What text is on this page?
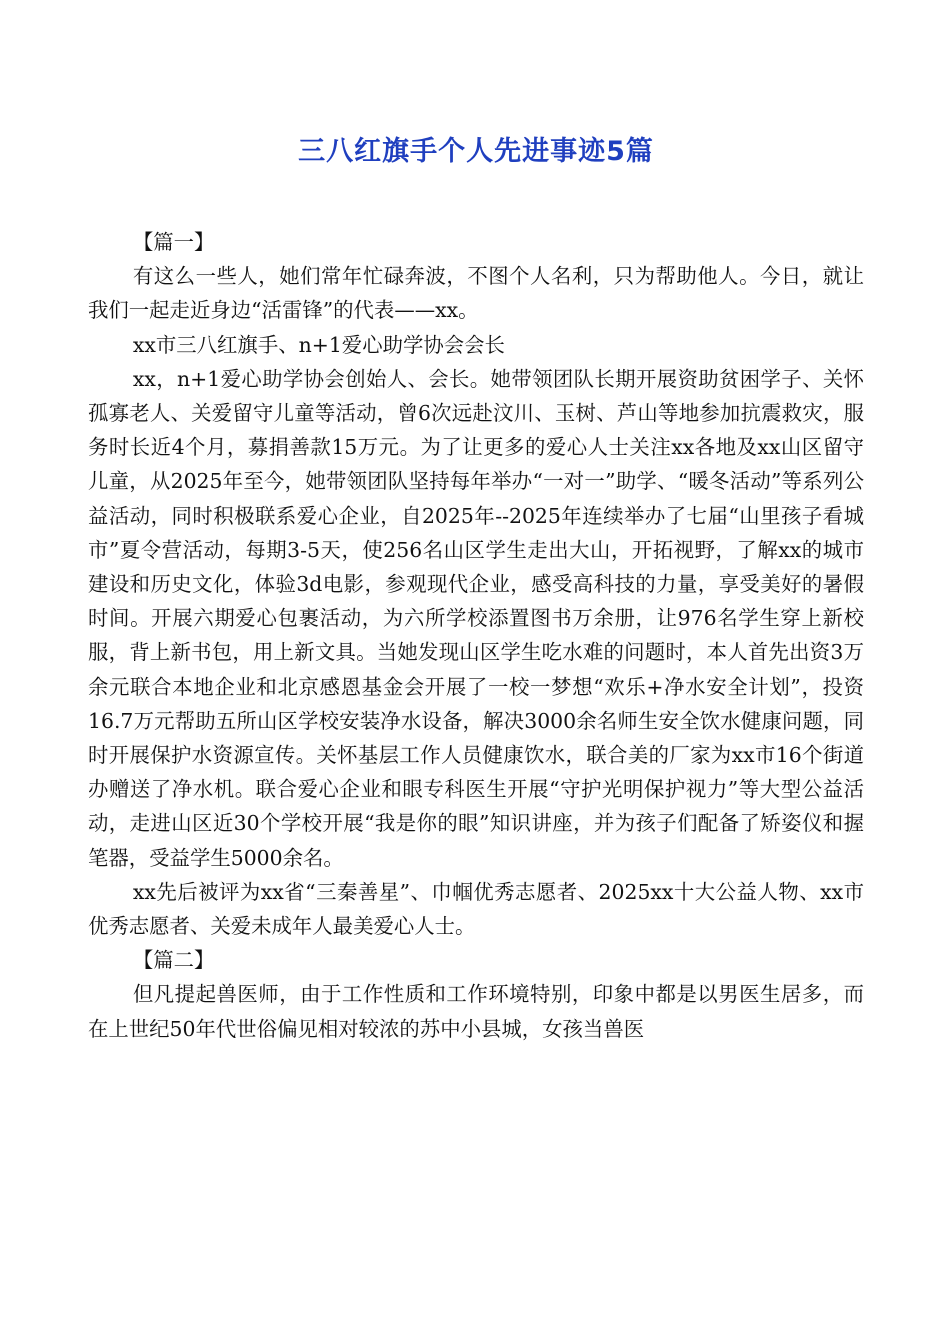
三八红旗手个人先进事迹5篇

【篇一】

有这么一些人，她们常年忙碌奔波，不图个人名利，只为帮助他人。今日，就让我们一起走近身边“活雷锋”的代表——xx。

xx市三八红旗手、n+1爱心助学协会会长

xx，n+1爱心助学协会创始人、会长。她带领团队长期开展资助贫困学子、关怀孤寡老人、关爱留守儿童等活动，曾6次远赴汶川、玉树、芦山等地参加抗震救灾，服务时长近4个月，募捐善款15万元。为了让更多的爱心人士关注xx各地及xx山区留守儿童，从2025年至今，她带领团队坚持每年举办“一对一”助学、“暖冬活动”等系列公益活动，同时积极联系爱心企业，自2025年--2025年连续举办了七届“山里孩子看城市”夏令营活动，每期3-5天，使256名山区学生走出大山，开拓视野，了解xx的城市建设和历史文化，体验3d电影，参观现代企业，感受高科技的力量，享受美好的暑假时间。开展六期爱心包裹活动，为六所学校添置图书万余册，让976名学生穿上新校服，背上新书包，用上新文具。当她发现山区学生吃水难的问题时，本人首先出资3万余元联合本地企业和北京感恩基金会开展了一校一梦想“欢乐+净水安全计划”，投资16.7万元帮助五所山区学校安装净水设备，解决3000余名师生安全饮水健康问题，同时开展保护水资源宣传。关怀基层工作人员健康饮水，联合美的厂家为xx市16个街道办赠送了净水机。联合爱心企业和眼专科医生开展“守护光明保护视力”等大型公益活动，走进山区近30个学校开展“我是你的眼”知识讲座，并为孩子们配备了矫姿仪和握笔器，受益学生5000余名。

xx先后被评为xx省“三秦善星”、巾帼优秀志愿者、2025xx十大公益人物、xx市优秀志愿者、关爱未成年人最美爱心人士。

【篇二】

但凡提起兽医师，由于工作性质和工作环境特别，印象中都是以男医生居多，而在上世纪50年代世俗偏见相对较浓的苏中小县城，女孩当兽医
